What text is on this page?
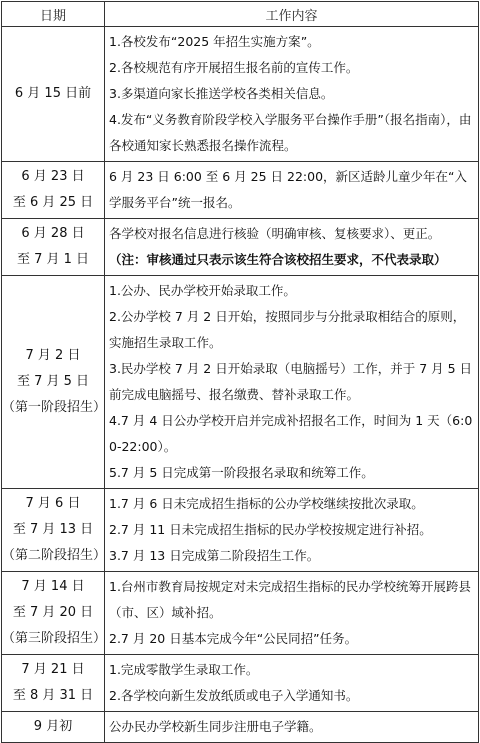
日期	工作内容

6 月 15 日前	1.各校发布“2025 年招生实施方案”。
2.各校规范有序开展招生报名前的宣传工作。
3.多渠道向家长推送学校各类相关信息。
4.发布“义务教育阶段学校入学服务平台操作手册”（报名指南），由各校通知家长熟悉报名操作流程。

6 月 23 日
至 6 月 25 日	6 月 23 日 6:00 至 6 月 25 日 22:00，新区适龄儿童少年在“入学服务平台”统一报名。

6 月 28 日
至 7 月 1 日	各学校对报名信息进行核验（明确审核、复核要求）、更正。
（注：审核通过只表示该生符合该校招生要求，不代表录取）

7 月 2 日
至 7 月 5 日
（第一阶段招生）	1.公办、民办学校开始录取工作。
2.公办学校 7 月 2 日开始，按照同步与分批录取相结合的原则，实施招生录取工作。
3.民办学校 7 月 2 日开始录取（电脑摇号）工作，并于 7 月 5 日前完成电脑摇号、报名缴费、替补录取工作。
4.7 月 4 日公办学校开启并完成补招报名工作，时间为 1 天（6:00-22:00）。
5.7 月 5 日完成第一阶段报名录取和统筹工作。

7 月 6 日
至 7 月 13 日
（第二阶段招生）	1.7 月 6 日未完成招生指标的公办学校继续按批次录取。
2.7 月 11 日未完成招生指标的民办学校按规定进行补招。
3.7 月 13 日完成第二阶段招生工作。

7 月 14 日
至 7 月 20 日
（第三阶段招生）	1.台州市教育局按规定对未完成招生指标的民办学校统筹开展跨县（市、区）域补招。
2.7 月 20 日基本完成今年“公民同招”任务。

7 月 21 日
至 8 月 31 日	1.完成零散学生录取工作。
2.各学校向新生发放纸质或电子入学通知书。

9 月初	公办民办学校新生同步注册电子学籍。
